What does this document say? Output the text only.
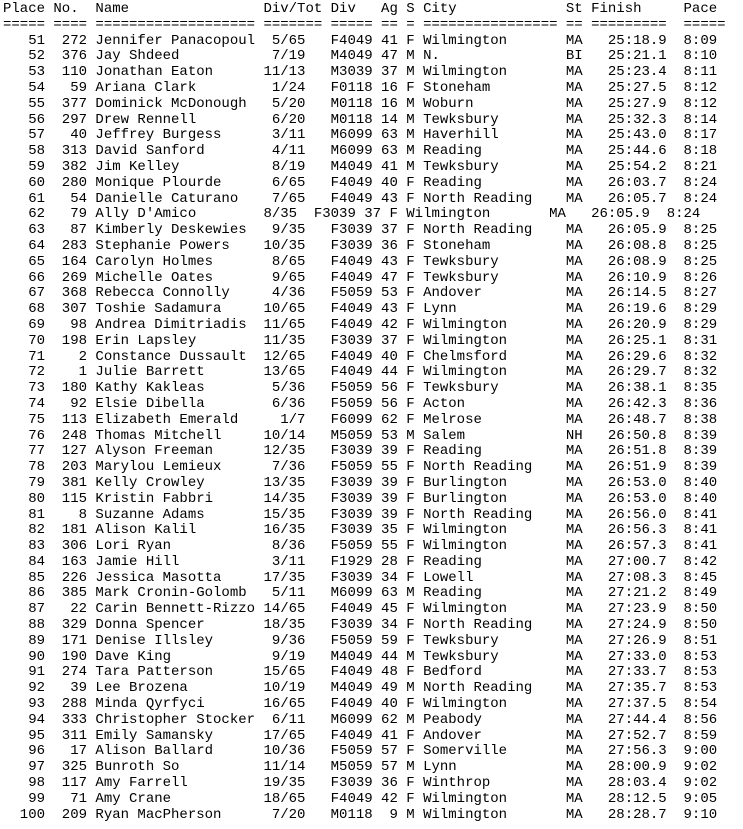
Place No.  Name                Div/Tot Div   Ag S City             St Finish     Pace
===== ==== =================== ======= ===== == = ================ == =========  =====
51  272 Jennifer Panacopoul  5/65   F4049 41 F Wilmington       MA   25:18.9  8:09
52  376 Jay Shdeed           7/19   M4049 47 M N.               BI   25:21.1  8:10
53  110 Jonathan Eaton      11/13   M3039 37 M Wilmington       MA   25:23.4  8:11
54   59 Ariana Clark         1/24   F0118 16 F Stoneham         MA   25:27.5  8:12
55  377 Dominick McDonough   5/20   M0118 16 M Woburn           MA   25:27.9  8:12
56  297 Drew Rennell         6/20   M0118 14 M Tewksbury        MA   25:32.3  8:14
57   40 Jeffrey Burgess      3/11   M6099 63 M Haverhill        MA   25:43.0  8:17
58  313 David Sanford        4/11   M6099 63 M Reading          MA   25:44.6  8:18
59  382 Jim Kelley           8/19   M4049 41 M Tewksbury        MA   25:54.2  8:21
60  280 Monique Plourde      6/65   F4049 40 F Reading          MA   26:03.7  8:24
61   54 Danielle Caturano    7/65   F4049 43 F North Reading    MA   26:05.7  8:24
62   79 Ally D'Amico        8/35  F3039 37 F Wilmington       MA   26:05.9  8:24
63   87 Kimberly Deskewies   9/35   F3039 37 F North Reading    MA   26:05.9  8:25
64  283 Stephanie Powers    10/35   F3039 36 F Stoneham         MA   26:08.8  8:25
65  164 Carolyn Holmes       8/65   F4049 43 F Tewksbury        MA   26:08.9  8:25
66  269 Michelle Oates       9/65   F4049 47 F Tewksbury        MA   26:10.9  8:26
67  368 Rebecca Connolly     4/36   F5059 53 F Andover          MA   26:14.5  8:27
68  307 Toshie Sadamura     10/65   F4049 43 F Lynn             MA   26:19.6  8:29
69   98 Andrea Dimitriadis  11/65   F4049 42 F Wilmington       MA   26:20.9  8:29
70  198 Erin Lapsley        11/35   F3039 37 F Wilmington       MA   26:25.1  8:31
71    2 Constance Dussault  12/65   F4049 40 F Chelmsford       MA   26:29.6  8:32
72    1 Julie Barrett       13/65   F4049 44 F Wilmington       MA   26:29.7  8:32
73  180 Kathy Kakleas        5/36   F5059 56 F Tewksbury        MA   26:38.1  8:35
74   92 Elsie Dibella        6/36   F5059 56 F Acton            MA   26:42.3  8:36
75  113 Elizabeth Emerald     1/7   F6099 62 F Melrose          MA   26:48.7  8:38
76  248 Thomas Mitchell     10/14   M5059 53 M Salem            NH   26:50.8  8:39
77  127 Alyson Freeman      12/35   F3039 39 F Reading          MA   26:51.8  8:39
78  203 Marylou Lemieux      7/36   F5059 55 F North Reading    MA   26:51.9  8:39
79  381 Kelly Crowley       13/35   F3039 39 F Burlington       MA   26:53.0  8:40
80  115 Kristin Fabbri      14/35   F3039 39 F Burlington       MA   26:53.0  8:40
81    8 Suzanne Adams       15/35   F3039 39 F North Reading    MA   26:56.0  8:41
82  181 Alison Kalil        16/35   F3039 35 F Wilmington       MA   26:56.3  8:41
83  306 Lori Ryan            8/36   F5059 55 F Wilmington       MA   26:57.3  8:41
84  163 Jamie Hill           3/11   F1929 28 F Reading          MA   27:00.7  8:42
85  226 Jessica Masotta     17/35   F3039 34 F Lowell           MA   27:08.3  8:45
86  385 Mark Cronin-Golomb   5/11   M6099 63 M Reading          MA   27:21.2  8:49
87   22 Carin Bennett-Rizzo 14/65   F4049 45 F Wilmington       MA   27:23.9  8:50
88  329 Donna Spencer       18/35   F3039 34 F North Reading    MA   27:24.9  8:50
89  171 Denise Illsley       9/36   F5059 59 F Tewksbury        MA   27:26.9  8:51
90  190 Dave King            9/19   M4049 44 M Tewksbury        MA   27:33.0  8:53
91  274 Tara Patterson      15/65   F4049 48 F Bedford          MA   27:33.7  8:53
92   39 Lee Brozena         10/19   M4049 49 M North Reading    MA   27:35.7  8:53
93  288 Minda Qyrfyci       16/65   F4049 40 F Wilmington       MA   27:37.5  8:54
94  333 Christopher Stocker  6/11   M6099 62 M Peabody          MA   27:44.4  8:56
95  311 Emily Samansky      17/65   F4049 41 F Andover          MA   27:52.7  8:59
96   17 Alison Ballard      10/36   F5059 57 F Somerville       MA   27:56.3  9:00
97  325 Bunroth So          11/14   M5059 57 M Lynn             MA   28:00.9  9:02
98  117 Amy Farrell         19/35   F3039 36 F Winthrop         MA   28:03.4  9:02
99   71 Amy Crane           18/65   F4049 42 F Wilmington       MA   28:12.5  9:05
100  209 Ryan MacPherson      7/20   M0118  9 M Wilmington       MA   28:28.7  9:10
